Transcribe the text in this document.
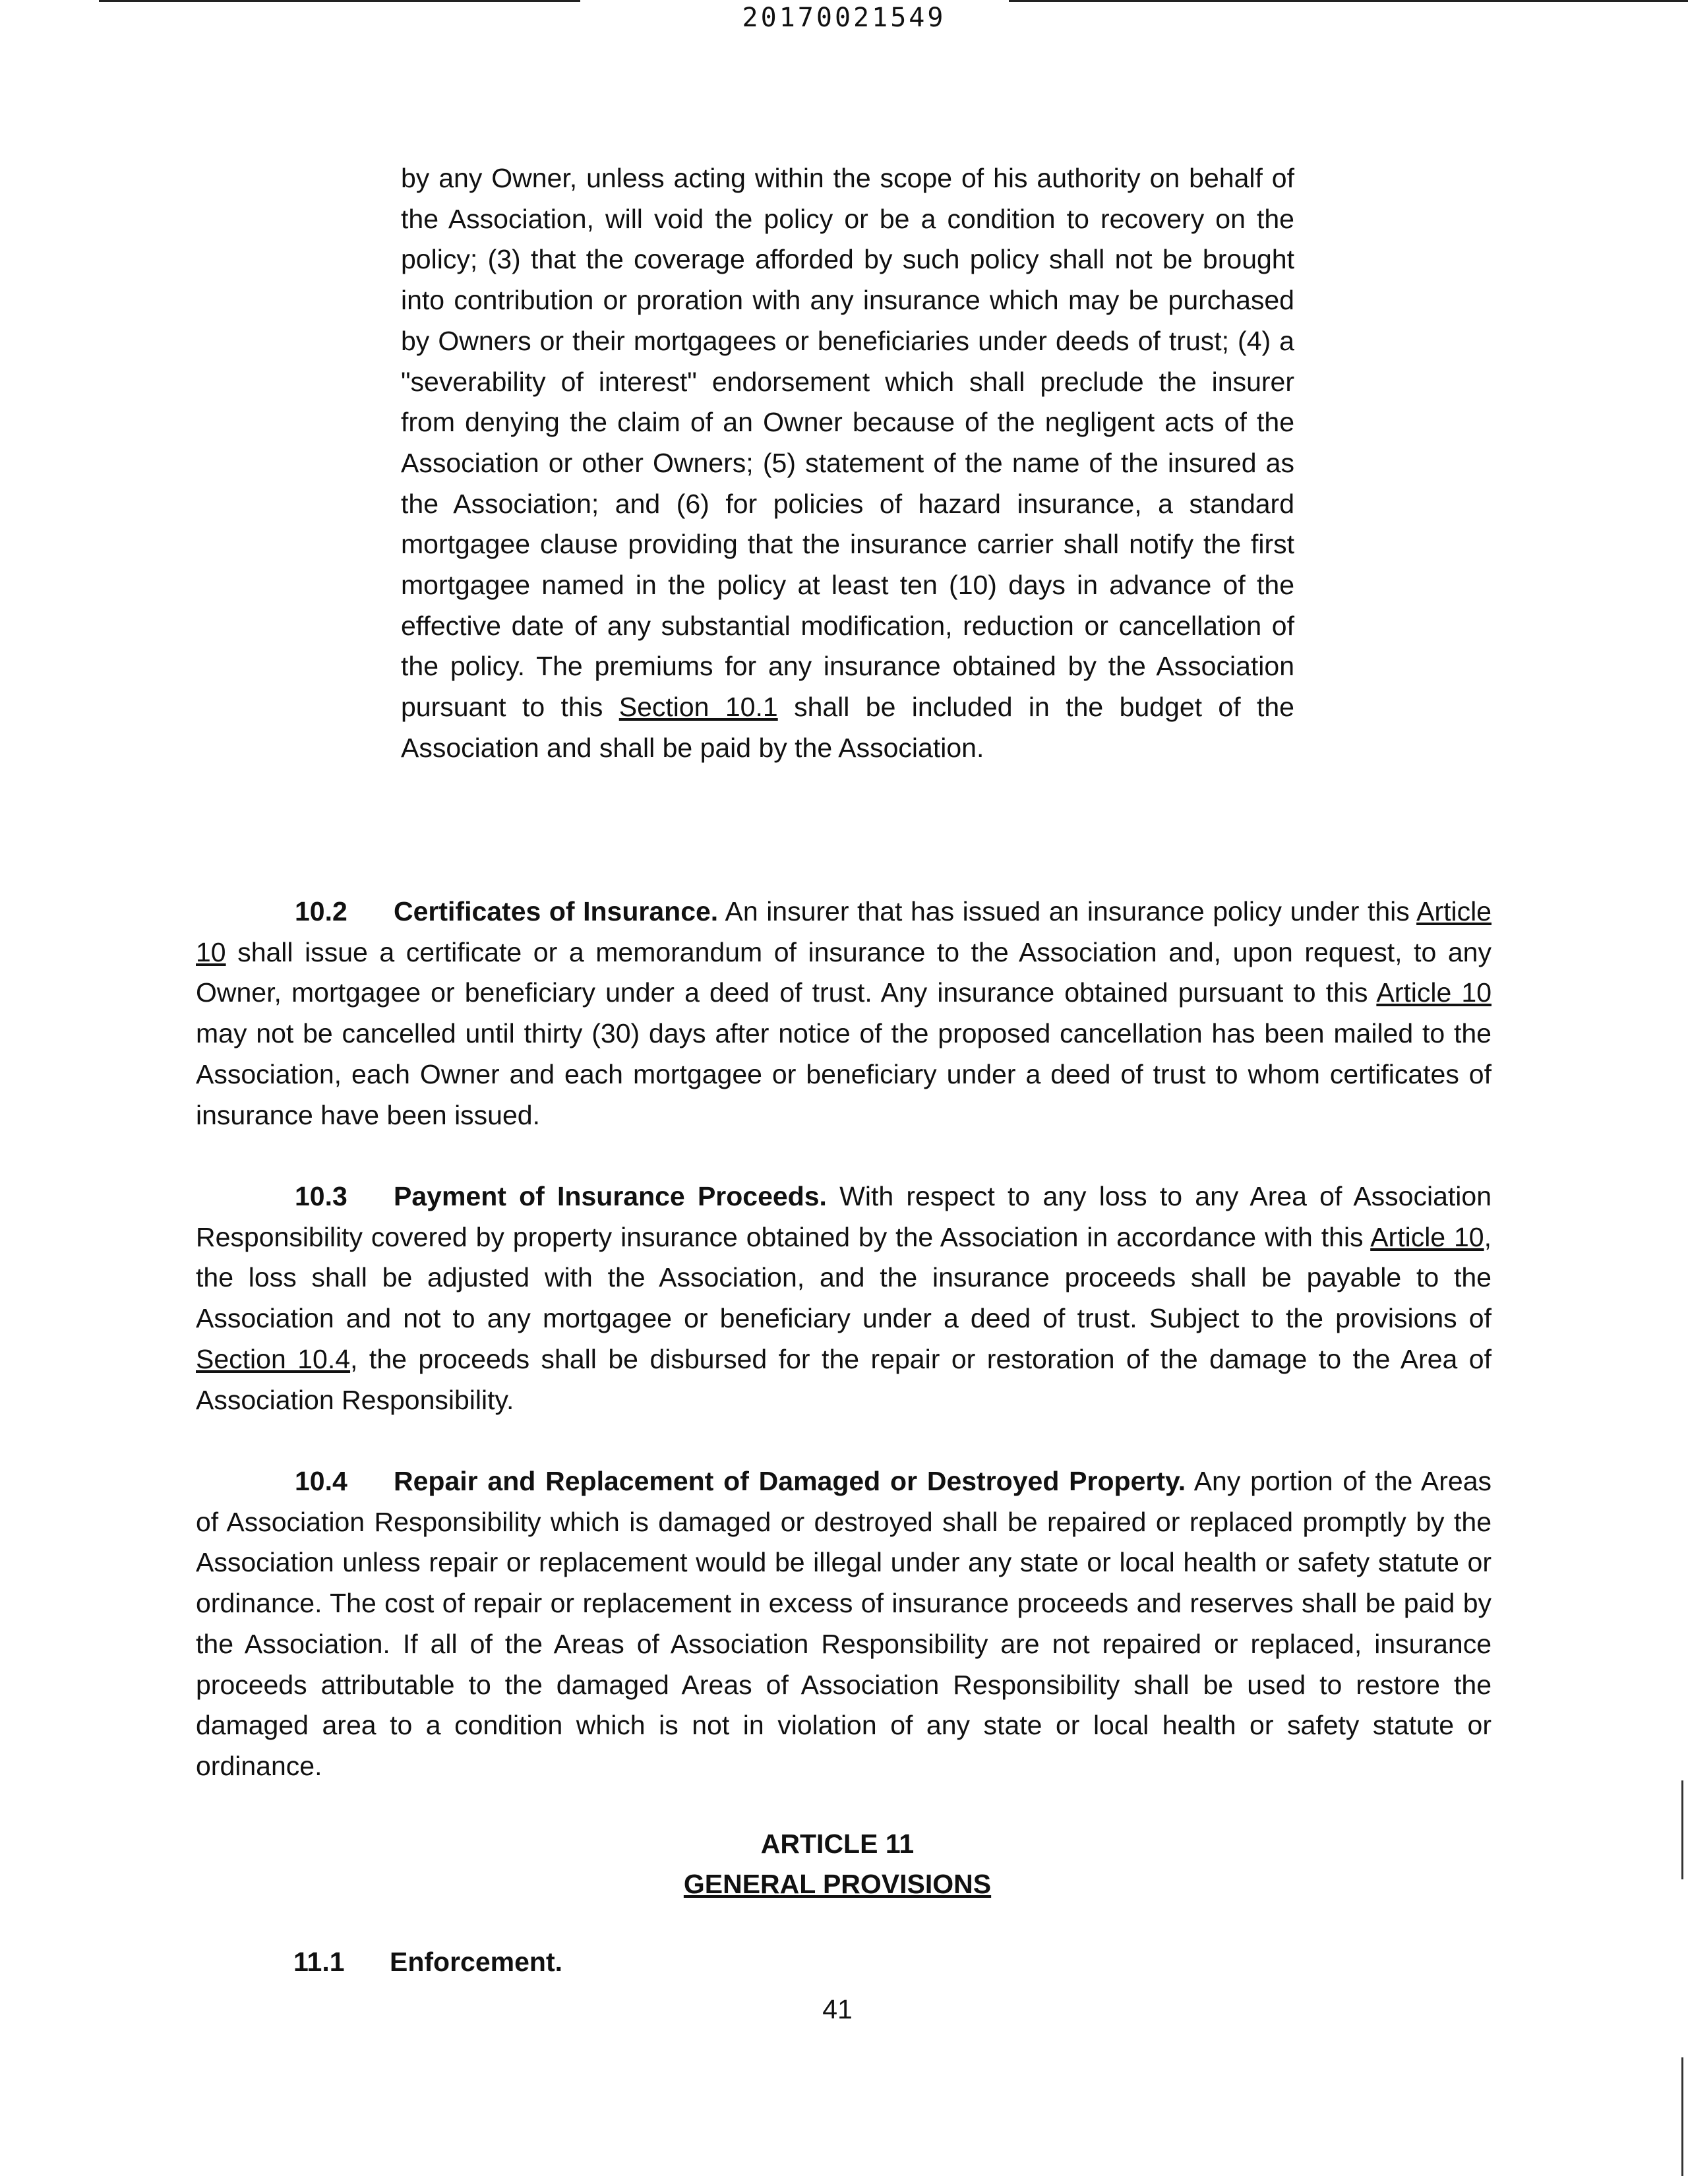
20170021549

by any Owner, unless acting within the scope of his authority on behalf of the Association, will void the policy or be a condition to recovery on the policy; (3) that the coverage afforded by such policy shall not be brought into contribution or proration with any insurance which may be purchased by Owners or their mortgagees or beneficiaries under deeds of trust; (4) a "severability of interest" endorsement which shall preclude the insurer from denying the claim of an Owner because of the negligent acts of the Association or other Owners; (5) statement of the name of the insured as the Association; and (6) for policies of hazard insurance, a standard mortgagee clause providing that the insurance carrier shall notify the first mortgagee named in the policy at least ten (10) days in advance of the effective date of any substantial modification, reduction or cancellation of the policy. The premiums for any insurance obtained by the Association pursuant to this Section 10.1 shall be included in the budget of the Association and shall be paid by the Association.

10.2 Certificates of Insurance. An insurer that has issued an insurance policy under this Article 10 shall issue a certificate or a memorandum of insurance to the Association and, upon request, to any Owner, mortgagee or beneficiary under a deed of trust. Any insurance obtained pursuant to this Article 10 may not be cancelled until thirty (30) days after notice of the proposed cancellation has been mailed to the Association, each Owner and each mortgagee or beneficiary under a deed of trust to whom certificates of insurance have been issued.

10.3 Payment of Insurance Proceeds. With respect to any loss to any Area of Association Responsibility covered by property insurance obtained by the Association in accordance with this Article 10, the loss shall be adjusted with the Association, and the insurance proceeds shall be payable to the Association and not to any mortgagee or beneficiary under a deed of trust. Subject to the provisions of Section 10.4, the proceeds shall be disbursed for the repair or restoration of the damage to the Area of Association Responsibility.

10.4 Repair and Replacement of Damaged or Destroyed Property. Any portion of the Areas of Association Responsibility which is damaged or destroyed shall be repaired or replaced promptly by the Association unless repair or replacement would be illegal under any state or local health or safety statute or ordinance. The cost of repair or replacement in excess of insurance proceeds and reserves shall be paid by the Association. If all of the Areas of Association Responsibility are not repaired or replaced, insurance proceeds attributable to the damaged Areas of Association Responsibility shall be used to restore the damaged area to a condition which is not in violation of any state or local health or safety statute or ordinance.

ARTICLE 11
GENERAL PROVISIONS
11.1 Enforcement.
41
